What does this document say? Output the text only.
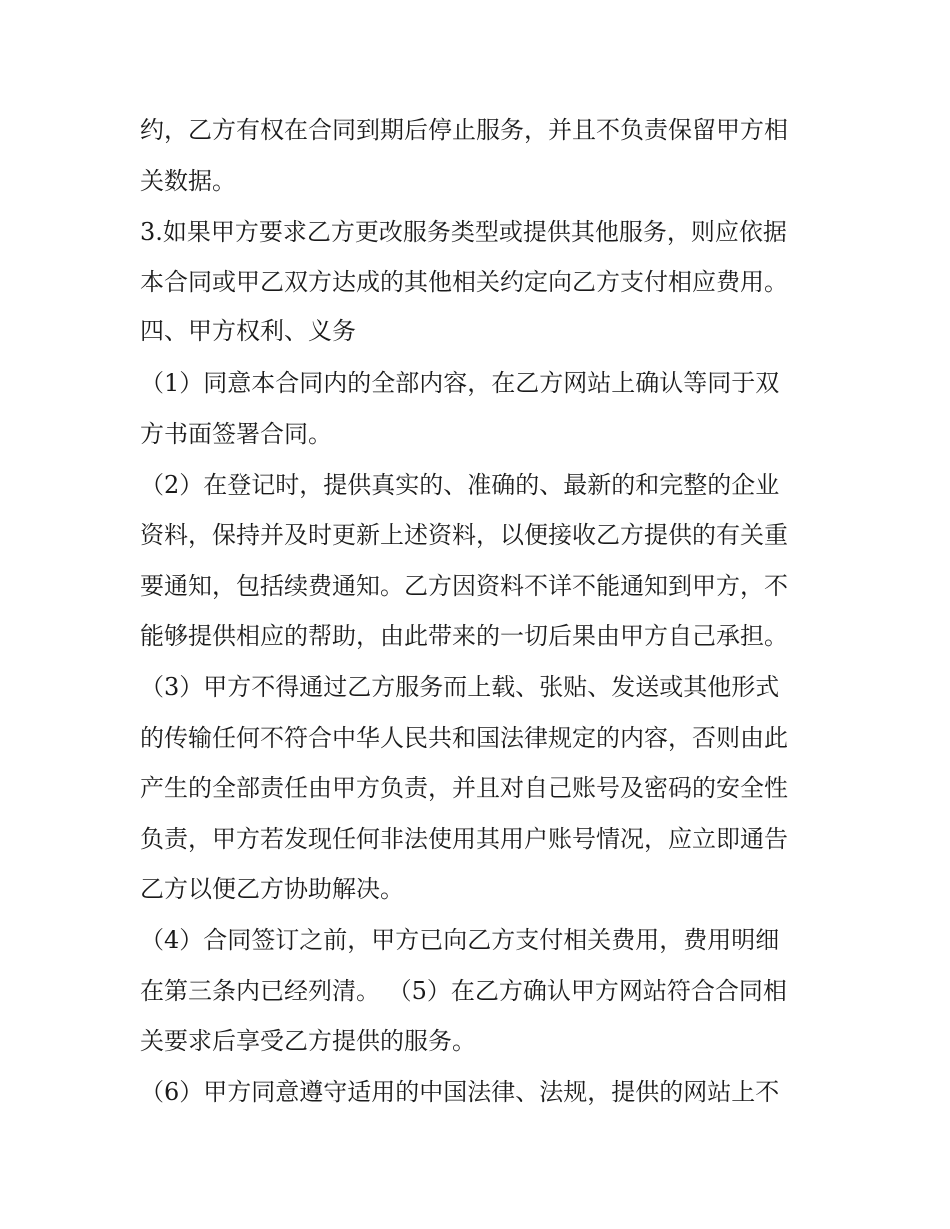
约，乙方有权在合同到期后停止服务，并且不负责保留甲方相
关数据。
3.如果甲方要求乙方更改服务类型或提供其他服务，则应依据
本合同或甲乙双方达成的其他相关约定向乙方支付相应费用。
四、甲方权利、义务
（1）同意本合同内的全部内容，在乙方网站上确认等同于双
方书面签署合同。
（2）在登记时，提供真实的、准确的、最新的和完整的企业
资料，保持并及时更新上述资料，以便接收乙方提供的有关重
要通知，包括续费通知。乙方因资料不详不能通知到甲方，不
能够提供相应的帮助，由此带来的一切后果由甲方自己承担。
（3）甲方不得通过乙方服务而上载、张贴、发送或其他形式
的传输任何不符合中华人民共和国法律规定的内容，否则由此
产生的全部责任由甲方负责，并且对自己账号及密码的安全性
负责，甲方若发现任何非法使用其用户账号情况，应立即通告
乙方以便乙方协助解决。
（4）合同签订之前，甲方已向乙方支付相关费用，费用明细
在第三条内已经列清。 （5）在乙方确认甲方网站符合合同相
关要求后享受乙方提供的服务。
（6）甲方同意遵守适用的中国法律、法规，提供的网站上不
